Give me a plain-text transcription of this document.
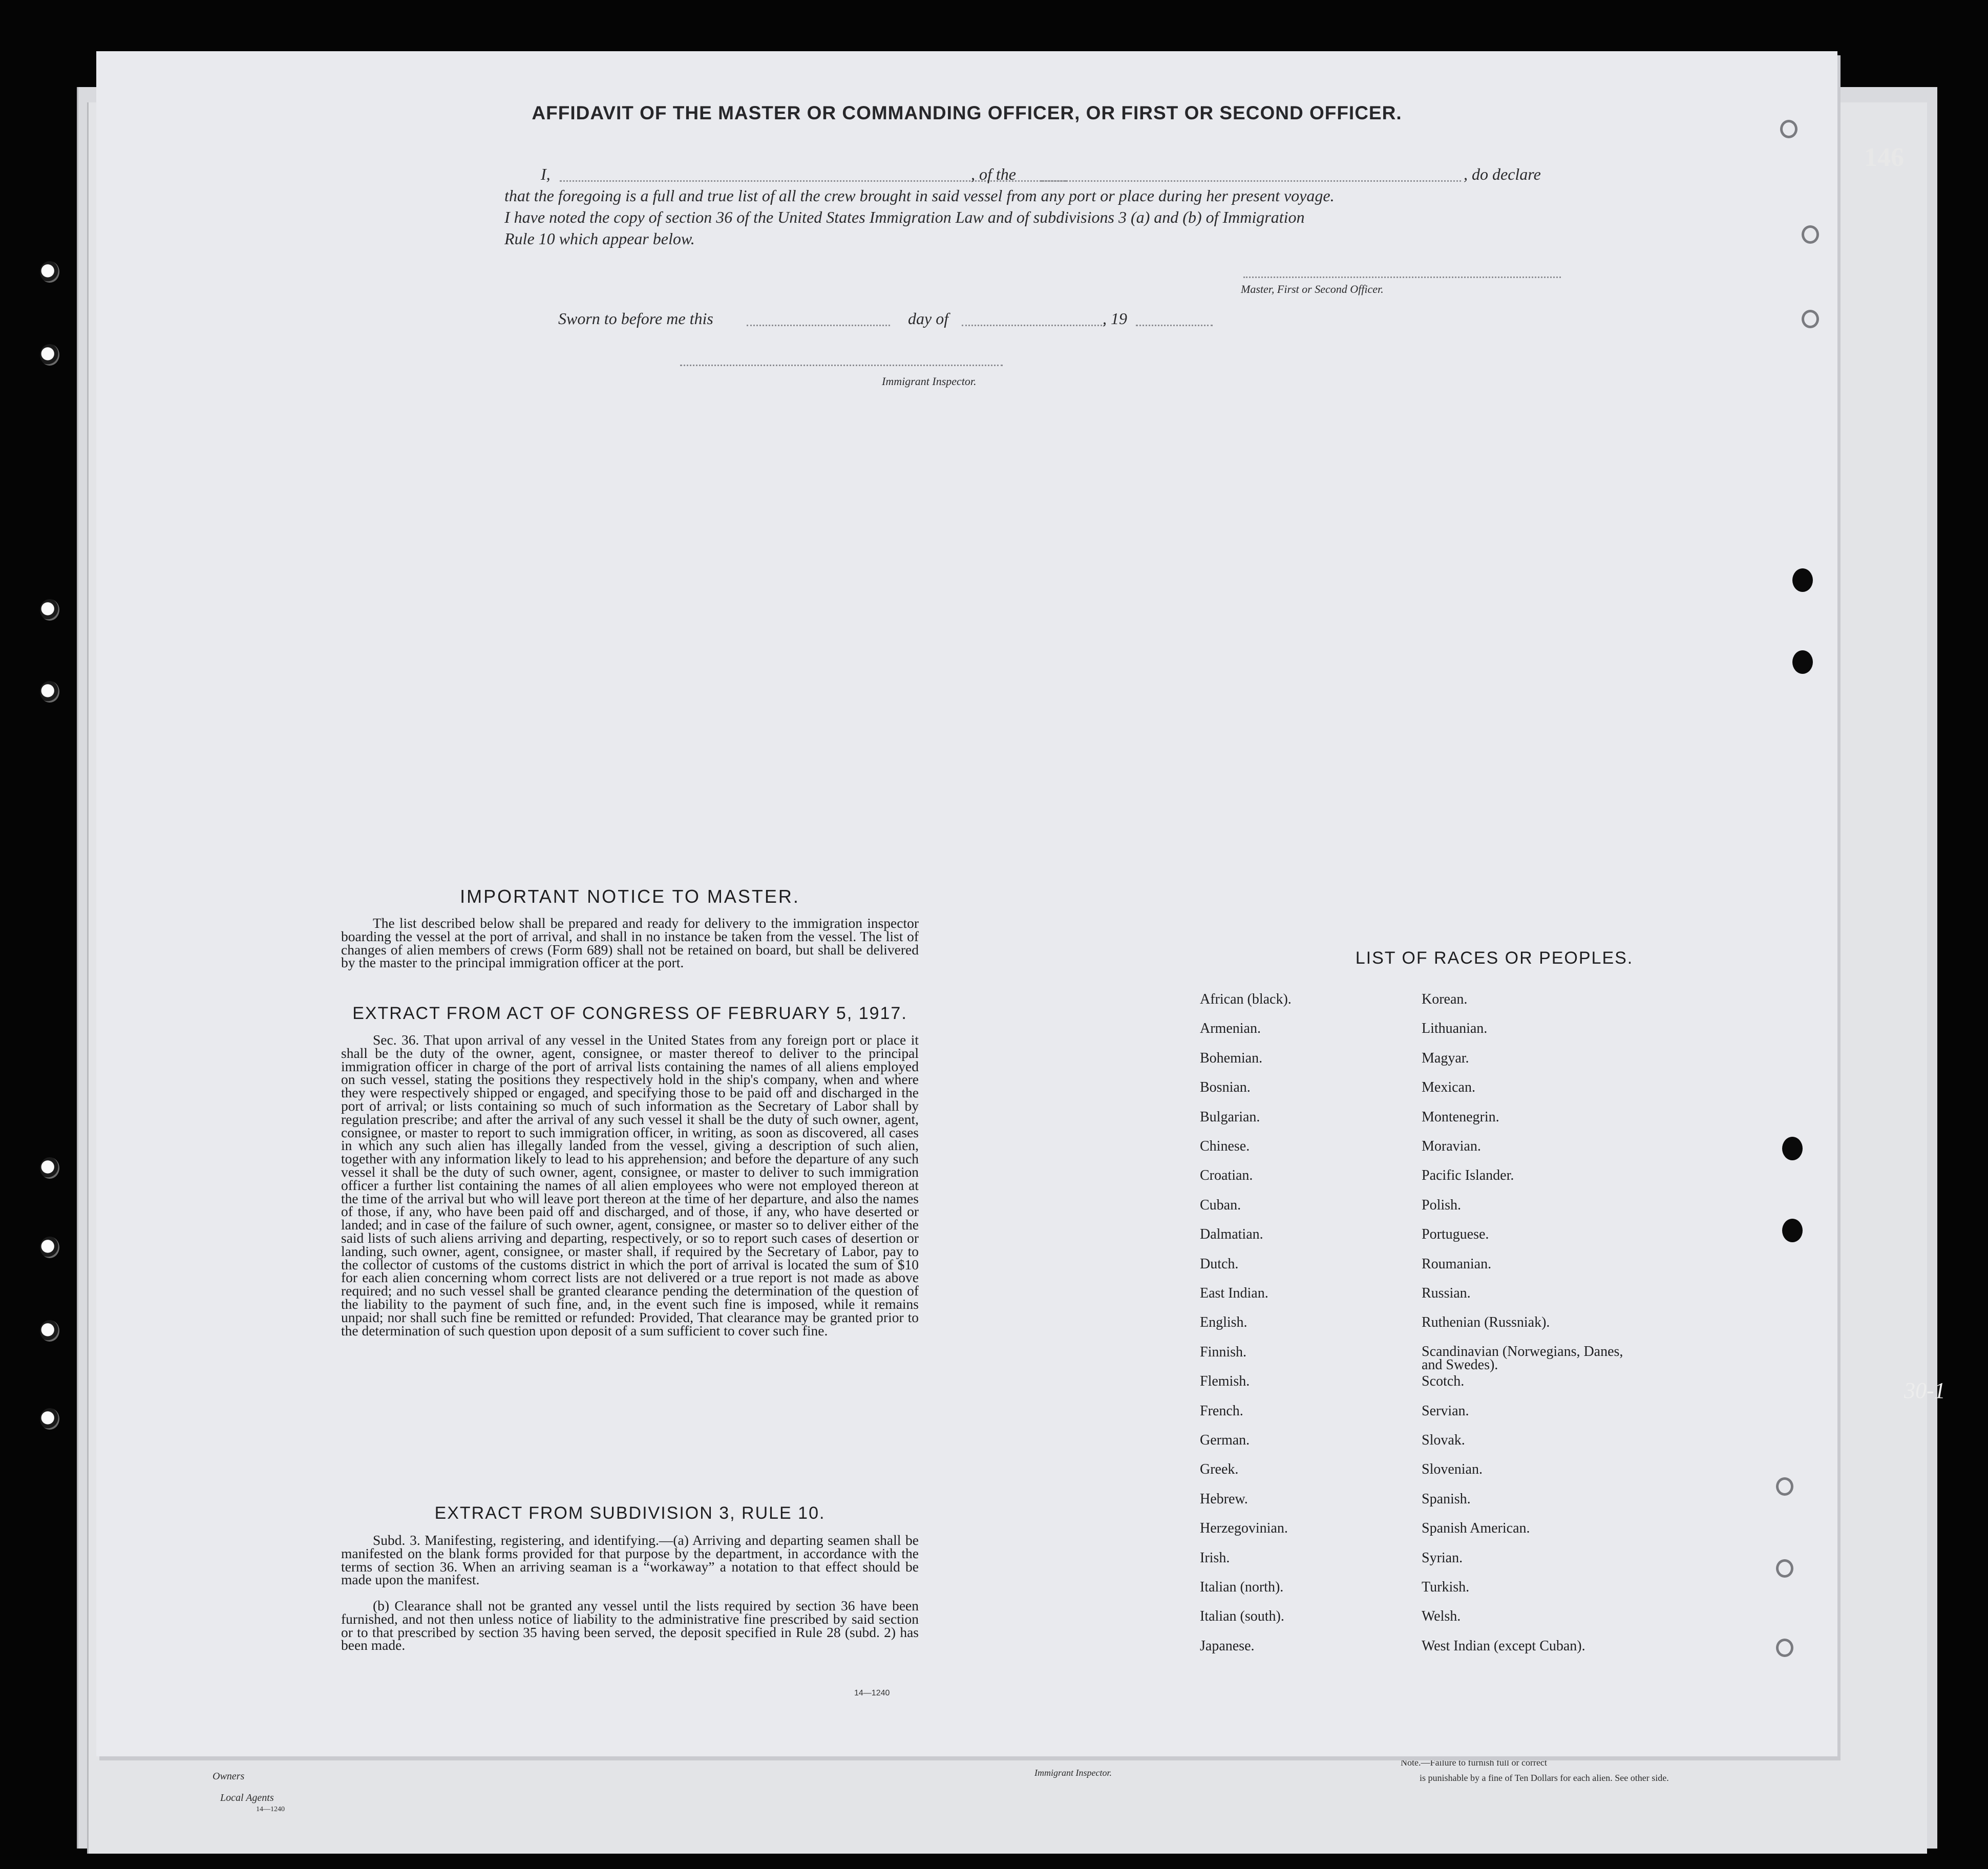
Owners
Local Agents
14—1240
Immigrant Inspector.
Note.—Failure to furnish full or correct
is punishable by a fine of Ten Dollars for each alien. See other side.
AFFIDAVIT OF THE MASTER OR COMMANDING OFFICER, OR FIRST OR SECOND OFFICER.
I,	, of the	, do declare
that the foregoing is a full and true list of all the crew brought in said vessel from any port or place during her present voyage.
I have noted the copy of section 36 of the United States Immigration Law and of subdivisions 3 (a) and (b) of Immigration
Rule 10 which appear below.
Master, First or Second Officer.
Sworn to before me this	day of	, 19
Immigrant Inspector.
IMPORTANT NOTICE TO MASTER.

The list described below shall be prepared and ready for delivery to the immigration inspector boarding the vessel at the port of arrival, and shall in no instance be taken from the vessel. The list of changes of alien members of crews (Form 689) shall not be retained on board, but shall be delivered by the master to the principal immigration officer at the port.

EXTRACT FROM ACT OF CONGRESS OF FEBRUARY 5, 1917.

Sec. 36. That upon arrival of any vessel in the United States from any foreign port or place it shall be the duty of the owner, agent, consignee, or master thereof to deliver to the principal immigration officer in charge of the port of arrival lists containing the names of all aliens employed on such vessel, stating the positions they respectively hold in the ship's company, when and where they were respectively shipped or engaged, and specifying those to be paid off and discharged in the port of arrival; or lists containing so much of such information as the Secretary of Labor shall by regulation prescribe; and after the arrival of any such vessel it shall be the duty of such owner, agent, consignee, or master to report to such immigration officer, in writing, as soon as discovered, all cases in which any such alien has illegally landed from the vessel, giving a description of such alien, together with any information likely to lead to his apprehension; and before the departure of any such vessel it shall be the duty of such owner, agent, consignee, or master to deliver to such immigration officer a further list containing the names of all alien employees who were not employed thereon at the time of the arrival but who will leave port thereon at the time of her departure, and also the names of those, if any, who have been paid off and discharged, and of those, if any, who have deserted or landed; and in case of the failure of such owner, agent, consignee, or master so to deliver either of the said lists of such aliens arriving and departing, respectively, or so to report such cases of desertion or landing, such owner, agent, consignee, or master shall, if required by the Secretary of Labor, pay to the collector of customs of the customs district in which the port of arrival is located the sum of $10 for each alien concerning whom correct lists are not delivered or a true report is not made as above required; and no such vessel shall be granted clearance pending the determination of the question of the liability to the payment of such fine, and, in the event such fine is imposed, while it remains unpaid; nor shall such fine be remitted or refunded: Provided, That clearance may be granted prior to the determination of such question upon deposit of a sum sufficient to cover such fine.

EXTRACT FROM SUBDIVISION 3, RULE 10.

Subd. 3. Manifesting, registering, and identifying.—(a) Arriving and departing seamen shall be manifested on the blank forms provided for that purpose by the department, in accordance with the terms of section 36. When an arriving seaman is a “workaway” a notation to that effect should be made upon the manifest.

(b) Clearance shall not be granted any vessel until the lists required by section 36 have been furnished, and not then unless notice of liability to the administrative fine prescribed by said section or to that prescribed by section 35 having been served, the deposit specified in Rule 28 (subd. 2) has been made.

14—1240
LIST OF RACES OR PEOPLES.
African (black).
Armenian.
Bohemian.
Bosnian.
Bulgarian.
Chinese.
Croatian.
Cuban.
Dalmatian.
Dutch.
East Indian.
English.
Finnish.
Flemish.
French.
German.
Greek.
Hebrew.
Herzegovinian.
Irish.
Italian (north).
Italian (south).
Japanese.
Korean.
Lithuanian.
Magyar.
Mexican.
Montenegrin.
Moravian.
Pacific Islander.
Polish.
Portuguese.
Roumanian.
Russian.
Ruthenian (Russniak).
Scandinavian (Norwegians, Danes, and Swedes).
Scotch.
Servian.
Slovak.
Slovenian.
Spanish.
Spanish American.
Syrian.
Turkish.
Welsh.
West Indian (except Cuban).
146
30-1
